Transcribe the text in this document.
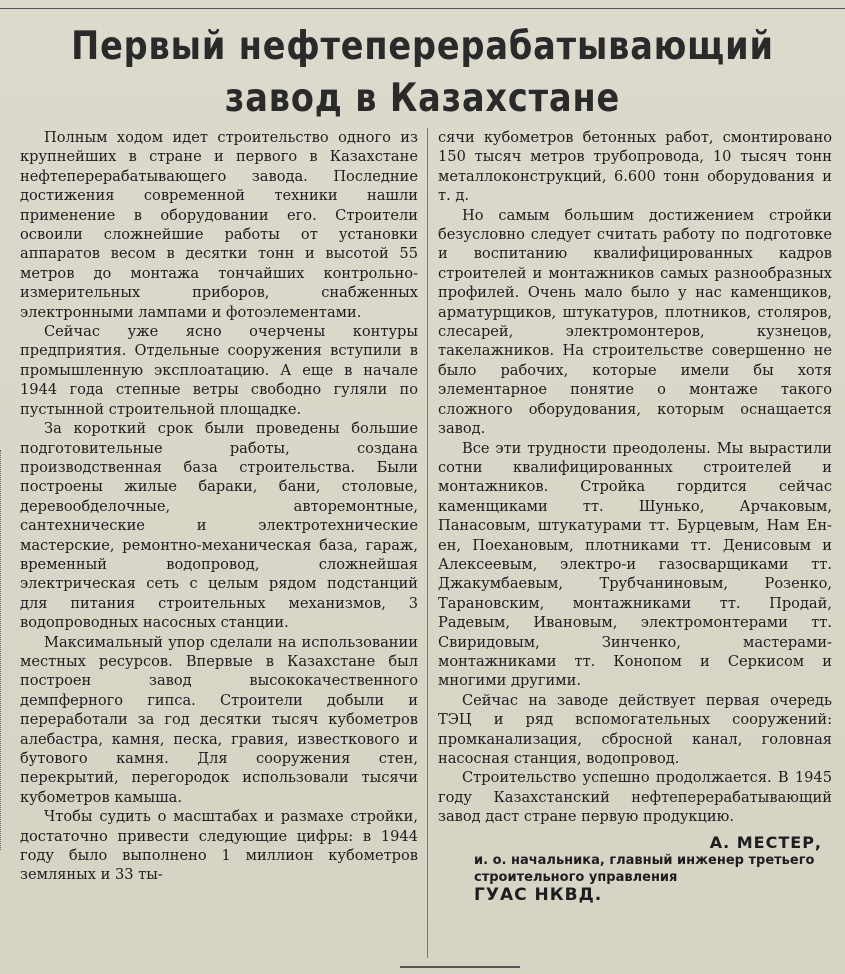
Первый нефтеперерабатывающий
завод в Казахстане

Полным ходом идет строительство одного из крупнейших в стране и первого в Казахстане нефтеперерабатывающего завода. Последние достижения современной техники нашли применение в оборудовании его. Строители освоили сложнейшие работы от установки аппаратов весом в десятки тонн и высотой 55 метров до монтажа тончайших контрольно-измерительных приборов, снабженных электронными лампами и фотоэлементами.

Сейчас уже ясно очерчены контуры предприятия. Отдельные сооружения вступили в промышленную эксплоатацию. А еще в начале 1944 года степные ветры свободно гуляли по пустынной строительной площадке.

За короткий срок были проведены большие подготовительные работы, создана производственная база строительства. Были построены жилые бараки, бани, столовые, деревообделочные, авторемонтные, сантехнические и электротехнические мастерские, ремонтно-механическая база, гараж, временный водопровод, сложнейшая электрическая сеть с целым рядом подстанций для питания строительных механизмов, 3 водопроводных насосных станции.

Максимальный упор сделали на использовании местных ресурсов. Впервые в Казахстане был построен завод высококачественного демпферного гипса. Строители добыли и переработали за год десятки тысяч кубометров алебастра, камня, песка, гравия, известкового и бутового камня. Для сооружения стен, перекрытий, перегородок использовали тысячи кубометров камыша.

Чтобы судить о масштабах и размахе стройки, достаточно привести следующие цифры: в 1944 году было выполнено 1 миллион кубометров земляных и 33 ты-

сячи кубометров бетонных работ, смонтировано 150 тысяч метров трубопровода, 10 тысяч тонн металлоконструкций, 6.600 тонн оборудования и т. д.

Но самым большим достижением стройки безусловно следует считать работу по подготовке и воспитанию квалифицированных кадров строителей и монтажников самых разнообразных профилей. Очень мало было у нас каменщиков, арматурщиков, штукатуров, плотников, столяров, слесарей, электромонтеров, кузнецов, такелажников. На строительстве совершенно не было рабочих, которые имели бы хотя элементарное понятие о монтаже такого сложного оборудования, которым оснащается завод.

Все эти трудности преодолены. Мы вырастили сотни квалифицированных строителей и монтажников. Стройка гордится сейчас каменщиками тт. Шунько, Арчаковым, Панасовым, штукатурами тт. Бурцевым, Нам Ен-ен, Поехановым, плотниками тт. Денисовым и Алексеевым, электро-и газосварщиками тт. Джакумбаевым, Трубчаниновым, Розенко, Тарановским, монтажниками тт. Продай, Радевым, Ивановым, электромонтерами тт. Свиридовым, Зинченко, мастерами-монтажниками тт. Конопом и Серкисом и многими другими.

Сейчас на заводе действует первая очередь ТЭЦ и ряд вспомогательных сооружений: промканализация, сбросной канал, головная насосная станция, водопровод.

Строительство успешно продолжается. В 1945 году Казахстанский нефтеперерабатывающий завод даст стране первую продукцию.

А. МЕСТЕР,
и. о. начальника, главный инженер третьего строительного управления
ГУАС НКВД.
